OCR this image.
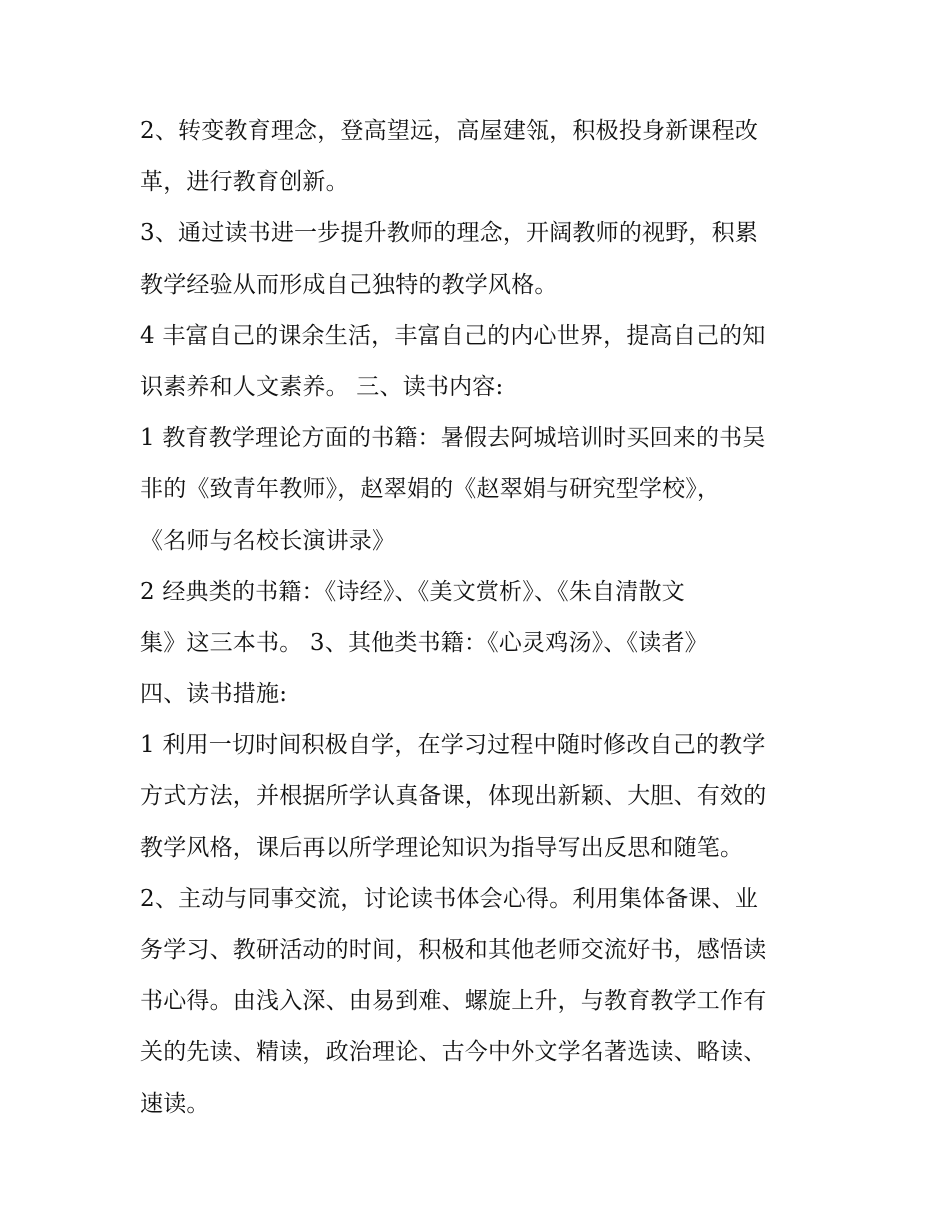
2、转变教育理念，登高望远，高屋建瓴，积极投身新课程改
革，进行教育创新。
3、通过读书进一步提升教师的理念，开阔教师的视野，积累
教学经验从而形成自己独特的教学风格。
4 丰富自己的课余生活，丰富自己的内心世界，提高自己的知
识素养和人文素养。 三、读书内容:
1 教育教学理论方面的书籍：暑假去阿城培训时买回来的书吴
非的《致青年教师》，赵翠娟的《赵翠娟与研究型学校》，
《名师与名校长演讲录》
2 经典类的书籍：《诗经》、《美文赏析》、《朱自清散文
集》这三本书。 3、其他类书籍：《心灵鸡汤》、《读者》
四、读书措施:
1 利用一切时间积极自学，在学习过程中随时修改自己的教学
方式方法，并根据所学认真备课，体现出新颖、大胆、有效的
教学风格，课后再以所学理论知识为指导写出反思和随笔。
2、主动与同事交流，讨论读书体会心得。利用集体备课、业
务学习、教研活动的时间，积极和其他老师交流好书，感悟读
书心得。由浅入深、由易到难、螺旋上升，与教育教学工作有
关的先读、精读，政治理论、古今中外文学名著选读、略读、
速读。
